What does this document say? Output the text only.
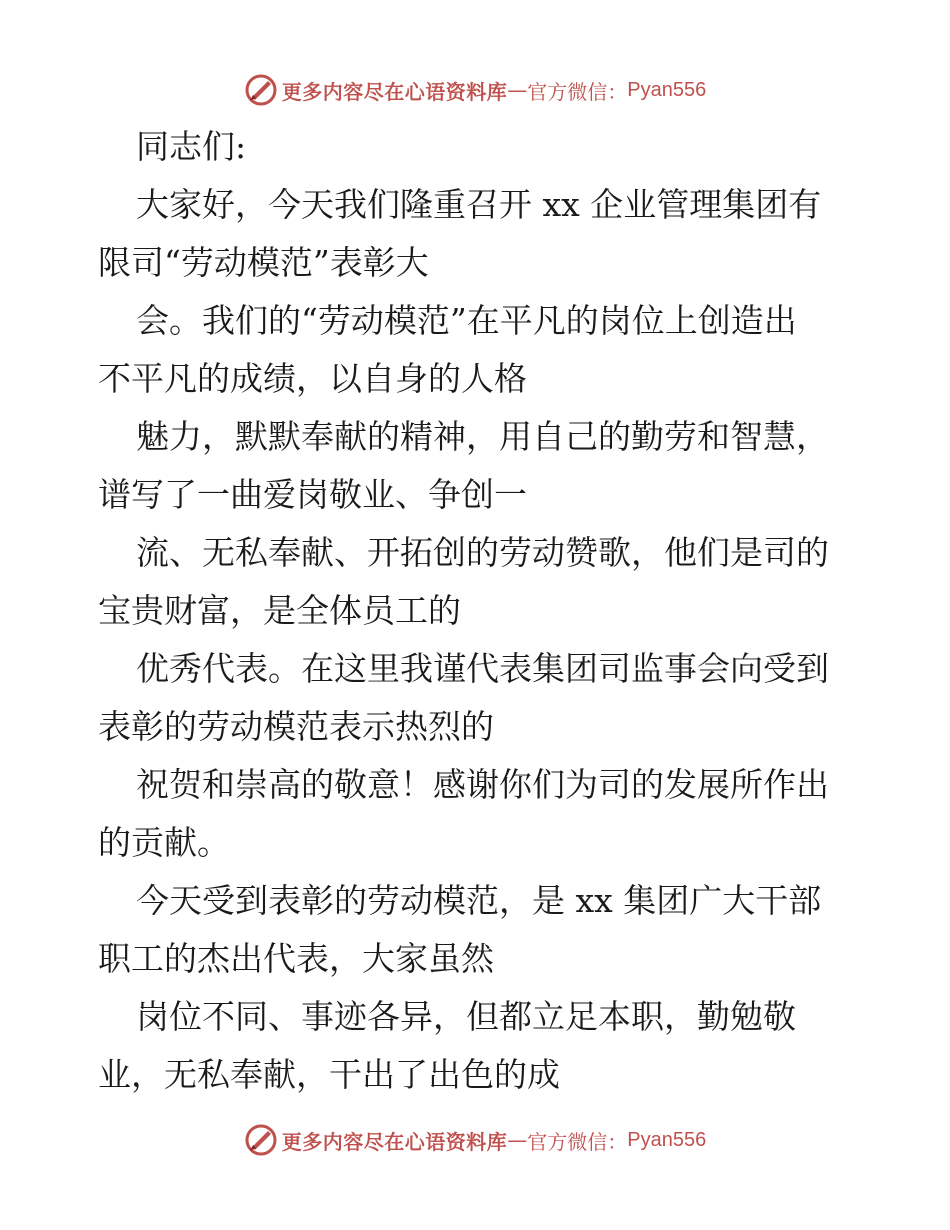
更多内容尽在心语资料库 — 官方微信： Pyan556
同志们:
大家好，今天我们隆重召开 xx 企业管理集团有
限司“劳动模范”表彰大
会。我们的“劳动模范”在平凡的岗位上创造出
不平凡的成绩，以自身的人格
魅力，默默奉献的精神，用自己的勤劳和智慧，
谱写了一曲爱岗敬业、争创一
流、无私奉献、开拓创的劳动赞歌，他们是司的
宝贵财富，是全体员工的
优秀代表。在这里我谨代表集团司监事会向受到
表彰的劳动模范表示热烈的
祝贺和崇高的敬意！感谢你们为司的发展所作出
的贡献。
今天受到表彰的劳动模范，是 xx 集团广大干部
职工的杰出代表，大家虽然
岗位不同、事迹各异，但都立足本职，勤勉敬
业，无私奉献，干出了出色的成
更多内容尽在心语资料库 — 官方微信： Pyan556
